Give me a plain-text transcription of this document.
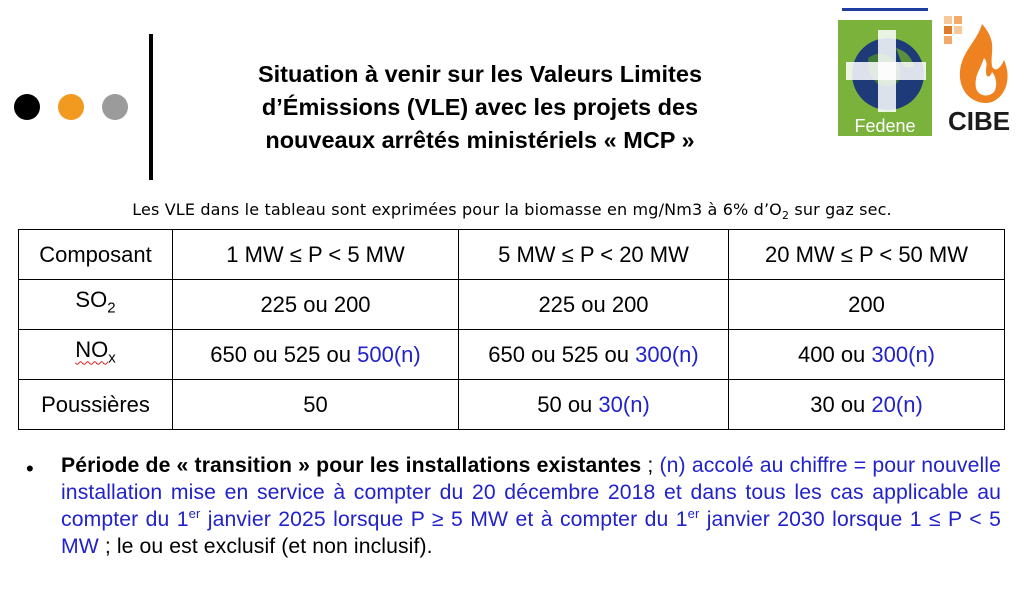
Situation à venir sur les Valeurs Limites
d’Émissions (VLE) avec les projets des
nouveaux arrêtés ministériels « MCP »
Fedene CIBE
Les VLE dans le tableau sont exprimées pour la biomasse en mg/Nm3 à 6% $d’O_2$ sur gaz sec.
Composant	1 MW ≤ P < 5 MW	5 MW ≤ P < 20 MW	20 MW ≤ P < 50 MW
$SO_2$	225 ou 200	225 ou 200	200
$NO_x$	650 ou 525 ou 500(n)	650 ou 525 ou 300(n)	400 ou 300(n)
Poussières	50	50 ou 30(n)	30 ou 20(n)
• Période de « transition » pour les installations existantes ; (n) accolé au chiffre = pour nouvelle installation mise en service à compter du 20 décembre 2018 et dans tous les cas applicable au compter du 1er janvier 2025 lorsque P ≥ 5 MW et à compter du 1er janvier 2030 lorsque 1 ≤ P < 5 MW ; le ou est exclusif (et non inclusif).
